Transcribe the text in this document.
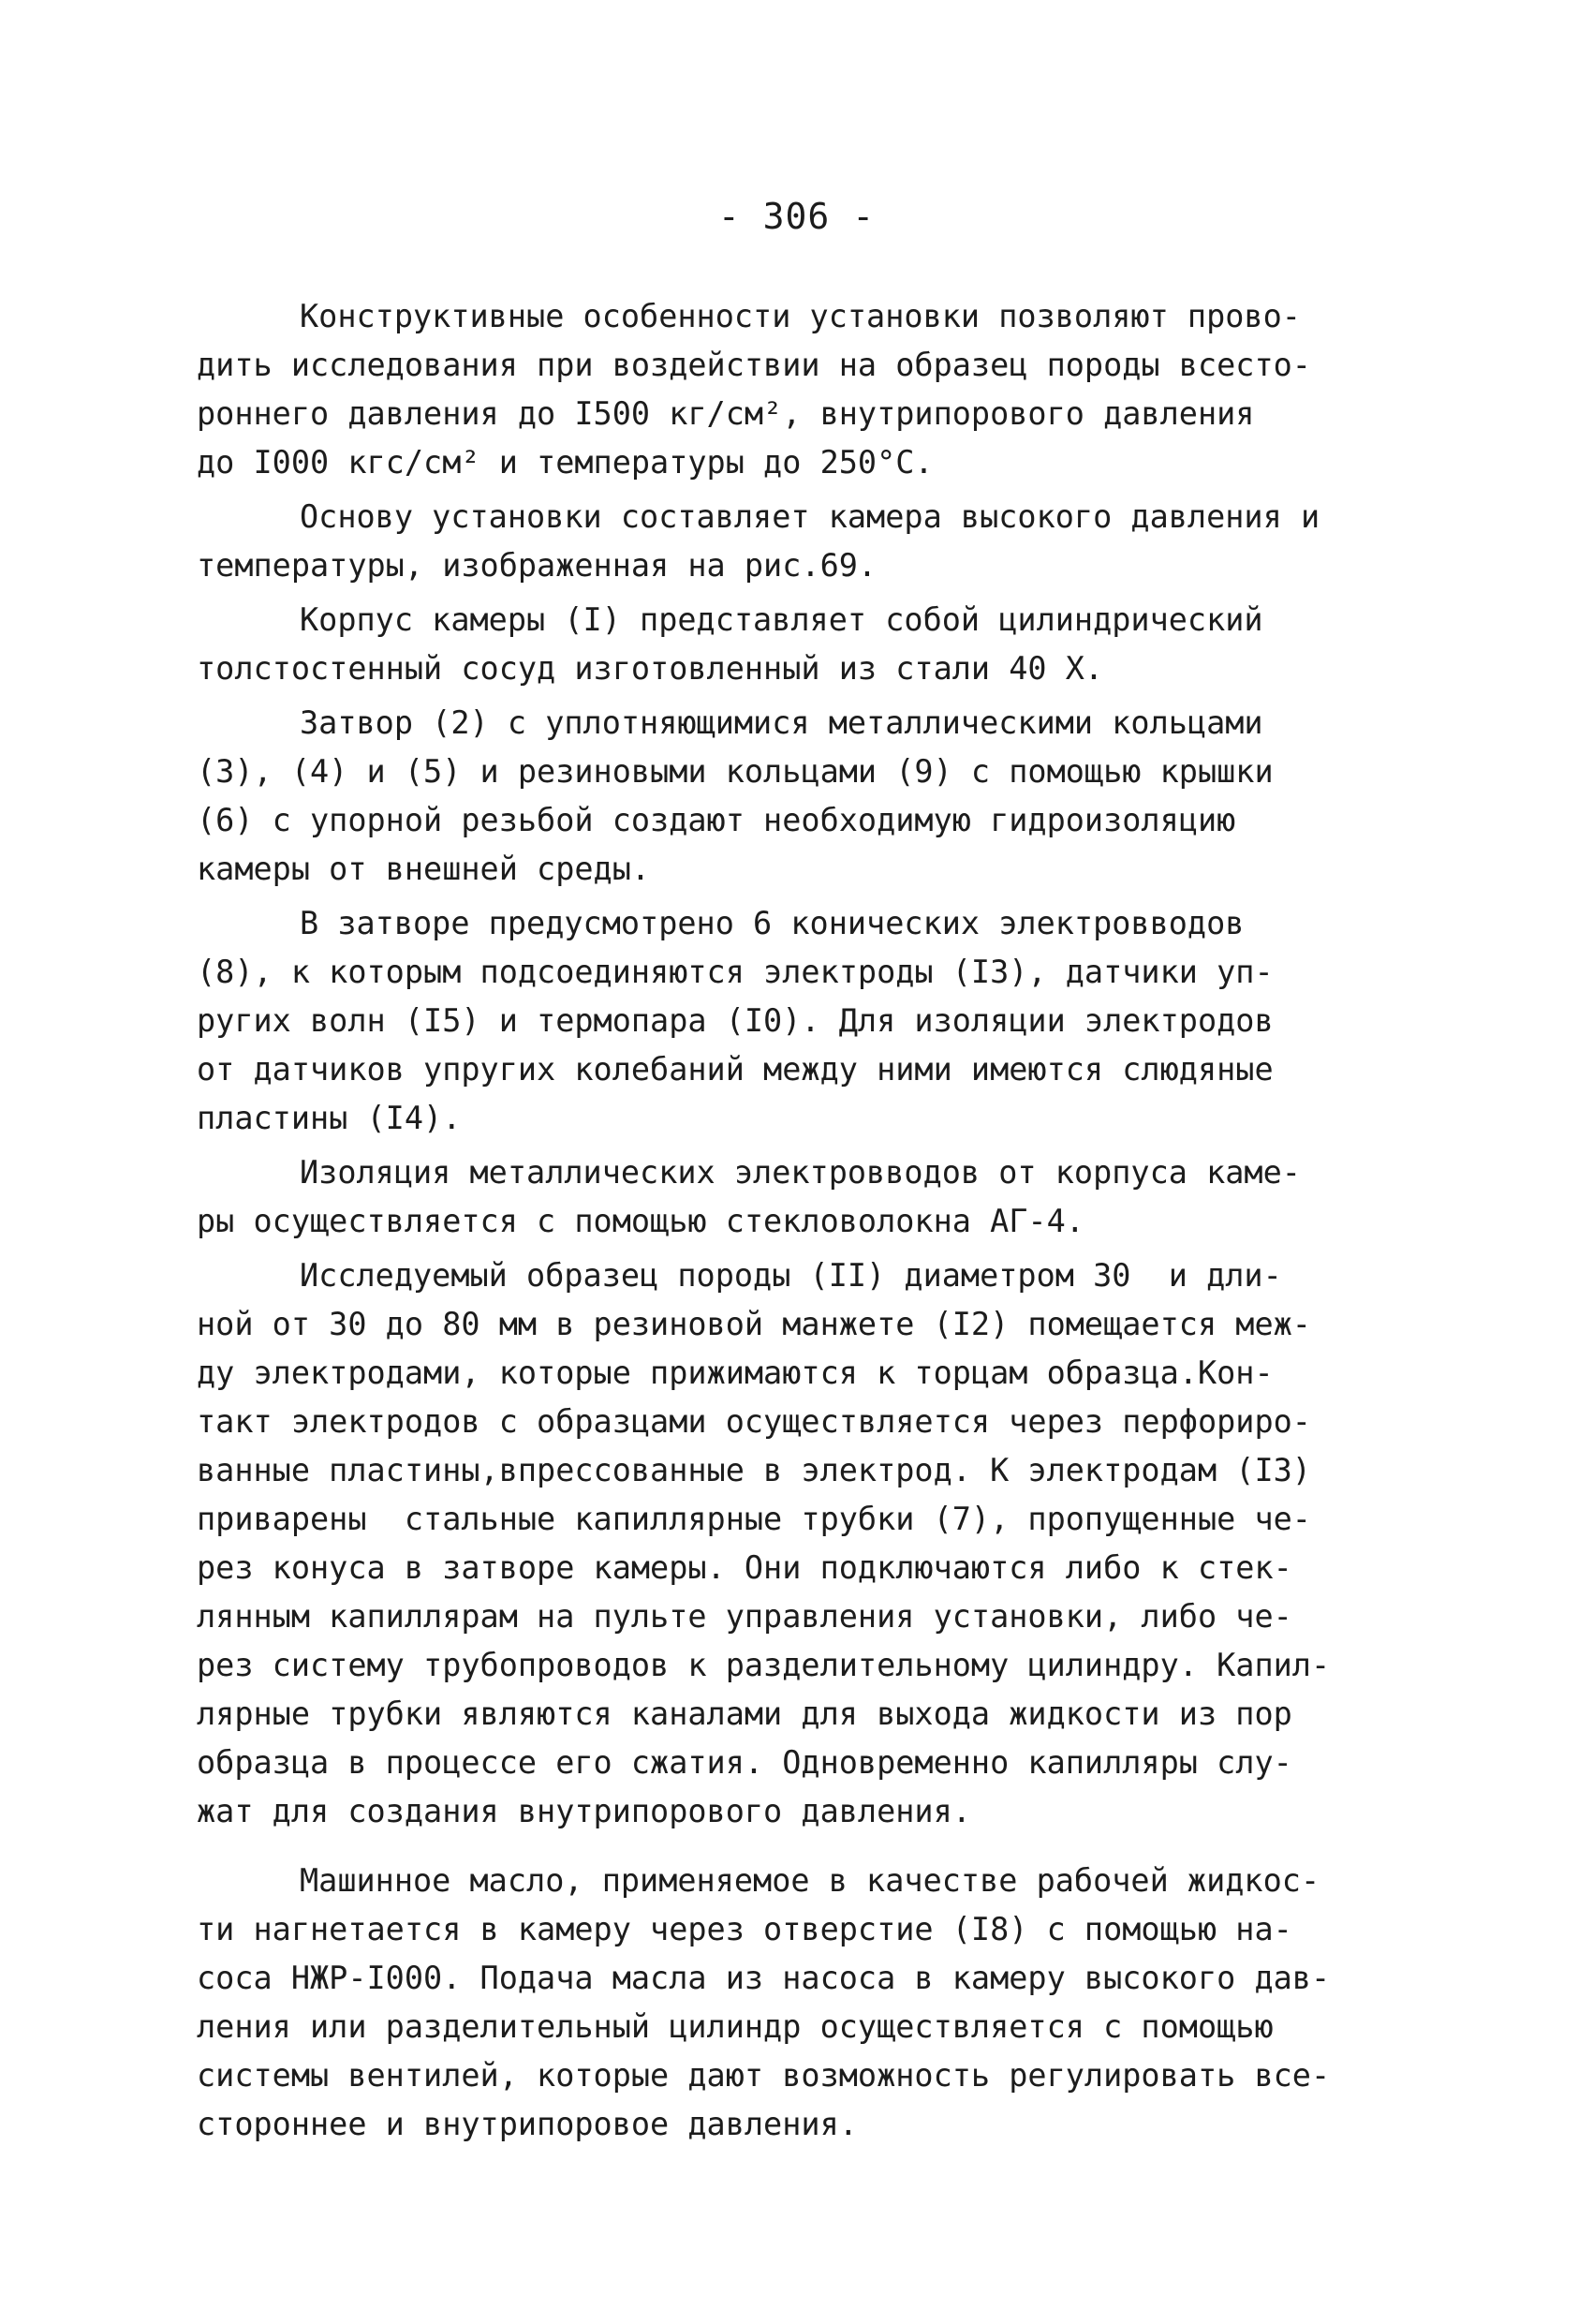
- 306 -
Конструктивные особенности установки позволяют прово-
дить исследования при воздействии на образец породы всесто-
роннего давления до I500 кг/см², внутрипорового давления
до I000 кгс/см² и температуры до 250°С.
Основу установки составляет камера высокого давления и
температуры, изображенная на рис.69.
Корпус камеры (I) представляет собой цилиндрический
толстостенный сосуд изготовленный из стали 40 Х.
Затвор (2) с уплотняющимися металлическими кольцами
(3), (4) и (5) и резиновыми кольцами (9) с помощью крышки
(6) с упорной резьбой создают необходимую гидроизоляцию
камеры от внешней среды.
В затворе предусмотрено 6 конических электровводов
(8), к которым подсоединяются электроды (I3), датчики уп-
ругих волн (I5) и термопара (I0). Для изоляции электродов
от датчиков упругих колебаний между ними имеются слюдяные
пластины (I4).
Изоляция металлических электровводов от корпуса каме-
ры осуществляется с помощью стекловолокна АГ-4.
Исследуемый образец породы (II) диаметром 30  и дли-
ной от 30 до 80 мм в резиновой манжете (I2) помещается меж-
ду электродами, которые прижимаются к торцам образца.Кон-
такт электродов с образцами осуществляется через перфориро-
ванные пластины,впрессованные в электрод. К электродам (I3)
приварены  стальные капиллярные трубки (7), пропущенные че-
рез конуса в затворе камеры. Они подключаются либо к стек-
лянным капиллярам на пульте управления установки, либо че-
рез систему трубопроводов к разделительному цилиндру. Капил-
лярные трубки являются каналами для выхода жидкости из пор
образца в процессе его сжатия. Одновременно капилляры слу-
жат для создания внутрипорового давления.
Машинное масло, применяемое в качестве рабочей жидкос-
ти нагнетается в камеру через отверстие (I8) с помощью на-
соса НЖР-I000. Подача масла из насоса в камеру высокого дав-
ления или разделительный цилиндр осуществляется с помощью
системы вентилей, которые дают возможность регулировать все-
стороннее и внутрипоровое давления.
